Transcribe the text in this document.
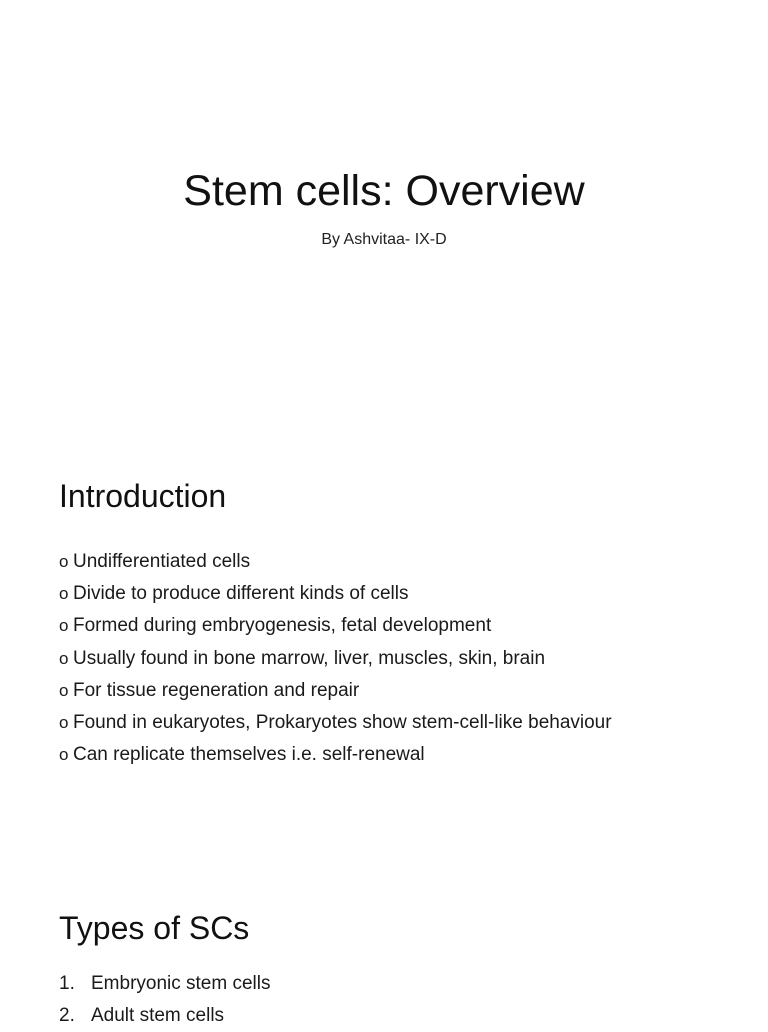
Stem cells: Overview
By Ashvitaa- IX-D
Introduction
o Undifferentiated cells
o Divide to produce different kinds of cells
o Formed during embryogenesis, fetal development
o Usually found in bone marrow, liver, muscles, skin, brain
o For tissue regeneration and repair
o Found in eukaryotes, Prokaryotes show stem-cell-like behaviour
o Can replicate themselves i.e. self-renewal
Types of SCs
1. Embryonic stem cells
2. Adult stem cells
